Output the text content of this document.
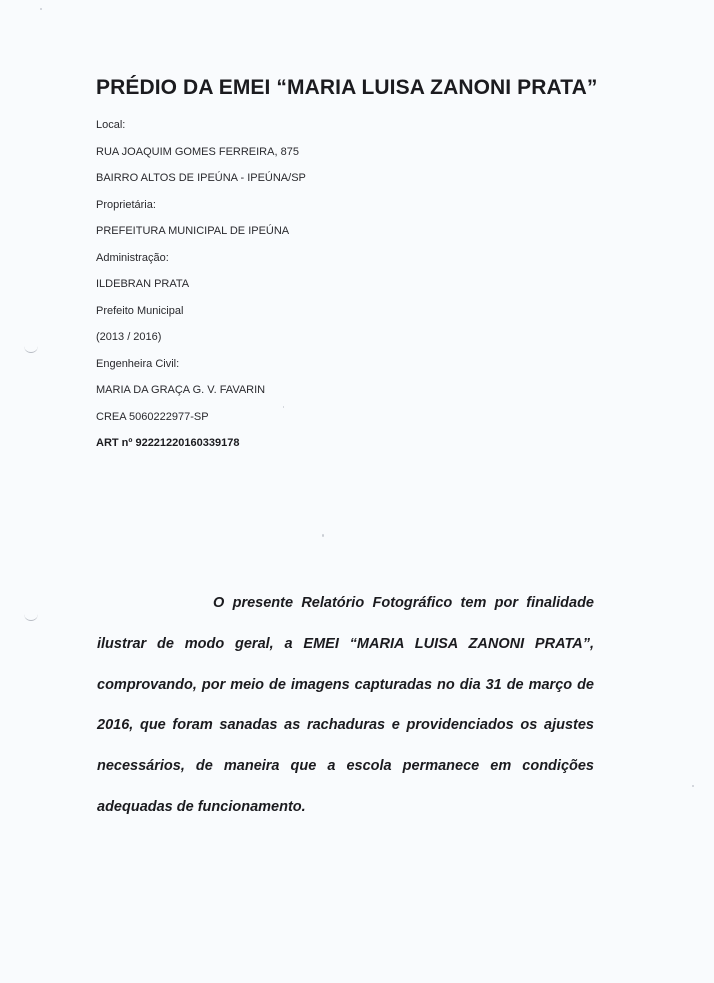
PRÉDIO DA EMEI “MARIA LUISA ZANONI PRATA”
Local:
RUA JOAQUIM GOMES FERREIRA, 875
BAIRRO ALTOS DE IPEÚNA - IPEÚNA/SP
Proprietária:
PREFEITURA MUNICIPAL DE IPEÚNA
Administração:
ILDEBRAN PRATA
Prefeito Municipal
(2013 / 2016)
Engenheira Civil:
MARIA DA GRAÇA G. V. FAVARIN
CREA 5060222977-SP
ART nº 92221220160339178

O presente Relatório Fotográfico tem por finalidade ilustrar de modo geral, a EMEI “MARIA LUISA ZANONI PRATA”, comprovando, por meio de imagens capturadas no dia 31 de março de 2016, que foram sanadas as rachaduras e providenciados os ajustes necessários, de maneira que a escola permanece em condições adequadas de funcionamento.
